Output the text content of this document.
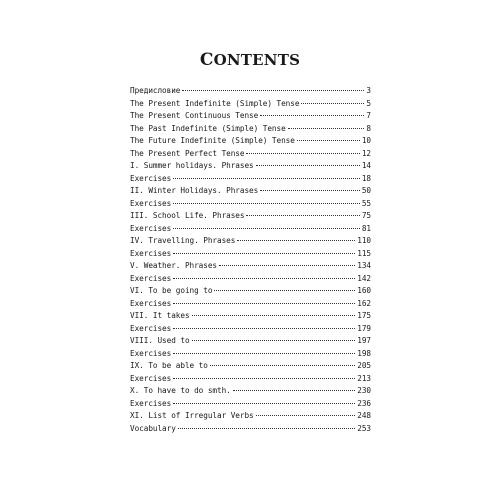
CONTENTS
Предисловие	3
The Present Indefinite (Simple) Tense	5
The Present Continuous Tense	7
The Past Indefinite (Simple) Tense	8
The Future Indefinite (Simple) Tense	10
The Present Perfect Tense	12
I. Summer holidays. Phrases	14
Exercises	18
II. Winter Holidays. Phrases	50
Exercises	55
III. School Life. Phrases	75
Exercises	81
IV. Travelling. Phrases	110
Exercises	115
V. Weather. Phrases	134
Exercises	142
VI. To be going to	160
Exercises	162
VII. It takes	175
Exercises	179
VIII. Used to	197
Exercises	198
IX. To be able to	205
Exercises	213
X. To have to do smth.	230
Exercises	236
XI. List of Irregular Verbs	248
Vocabulary	253
